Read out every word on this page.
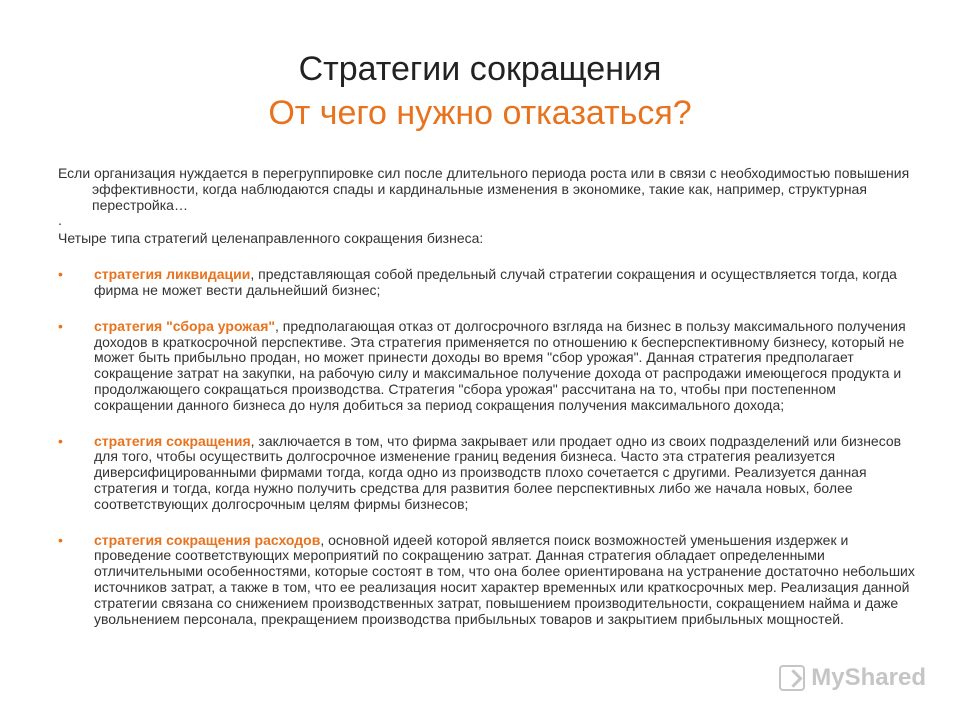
Стратегии сокращения
От чего нужно отказаться?

Если организация нуждается в перегруппировке сил после длительного периода роста или в связи с необходимостью повышения эффективности, когда наблюдаются спады и кардинальные изменения в экономике, такие как, например, структурная перестройка…

.

Четыре типа стратегий целенаправленного сокращения бизнеса:

• стратегия ликвидации, представляющая собой предельный случай стратегии сокращения и осуществляется тогда, когда фирма не может вести дальнейший бизнес;
• стратегия "сбора урожая", предполагающая отказ от долгосрочного взгляда на бизнес в пользу максимального получения доходов в краткосрочной перспективе. Эта стратегия применяется по отношению к бесперспективному бизнесу, который не может быть прибыльно продан, но может принести доходы во время "сбор урожая". Данная стратегия предполагает сокращение затрат на закупки, на рабочую силу и максимальное получение дохода от распродажи имеющегося продукта и продолжающего сокращаться производства. Стратегия "сбора урожая" рассчитана на то, чтобы при постепенном сокращении данного бизнеса до нуля добиться за период сокращения получения максимального дохода;
• стратегия сокращения, заключается в том, что фирма закрывает или продает одно из своих подразделений или бизнесов для того, чтобы осуществить долгосрочное изменение границ ведения бизнеса. Часто эта стратегия реализуется диверсифицированными фирмами тогда, когда одно из производств плохо сочетается с другими. Реализуется данная стратегия и тогда, когда нужно получить средства для развития более перспективных либо же начала новых, более соответствующих долгосрочным целям фирмы бизнесов;
• стратегия сокращения расходов, основной идеей которой является поиск возможностей уменьшения издержек и проведение соответствующих мероприятий по сокращению затрат. Данная стратегия обладает определенными отличительными особенностями, которые состоят в том, что она более ориентирована на устранение достаточно небольших источников затрат, а также в том, что ее реализация носит характер временных или краткосрочных мер. Реализация данной стратегии связана со снижением производственных затрат, повышением производительности, сокращением найма и даже увольнением персонала, прекращением производства прибыльных товаров и закрытием прибыльных мощностей.
MyShared
